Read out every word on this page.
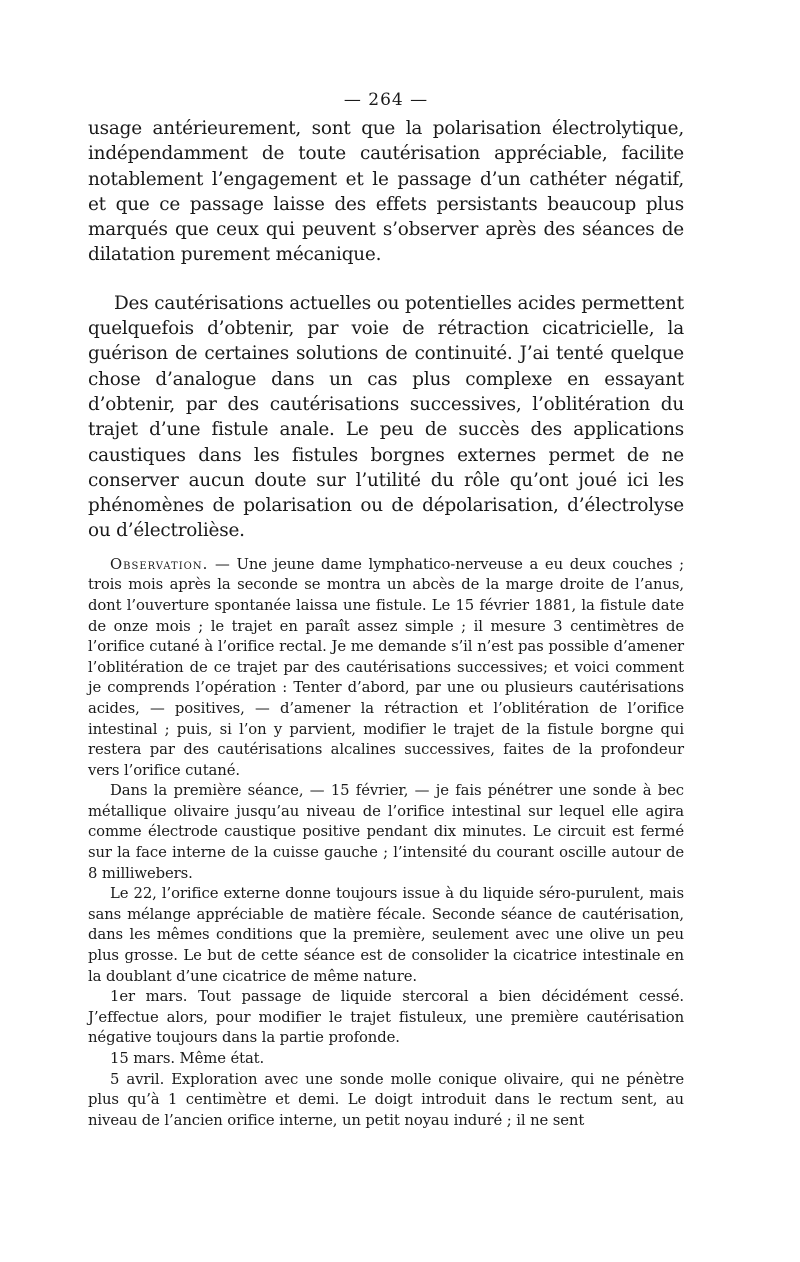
— 264 —

usage antérieurement, sont que la polarisation électrolytique, indépendamment de toute cautérisation appréciable, facilite notablement l’engagement et le passage d’un cathéter négatif, et que ce passage laisse des effets persistants beaucoup plus marqués que ceux qui peuvent s’observer après des séances de dilatation purement mécanique.

Des cautérisations actuelles ou potentielles acides permettent quelquefois d’obtenir, par voie de rétraction cicatricielle, la guérison de certaines solutions de continuité. J’ai tenté quelque chose d’analogue dans un cas plus complexe en essayant d’obtenir, par des cautérisations successives, l’oblitération du trajet d’une fistule anale. Le peu de succès des applications caustiques dans les fistules borgnes externes permet de ne conserver aucun doute sur l’utilité du rôle qu’ont joué ici les phénomènes de polarisation ou de dépolarisation, d’électrolyse ou d’électrolièse.

Observation. — Une jeune dame lymphatico-nerveuse a eu deux couches ; trois mois après la seconde se montra un abcès de la marge droite de l’anus, dont l’ouverture spontanée laissa une fistule. Le 15 février 1881, la fistule date de onze mois ; le trajet en paraît assez simple ; il mesure 3 centimètres de l’orifice cutané à l’orifice rectal. Je me demande s’il n’est pas possible d’amener l’oblitération de ce trajet par des cautérisations successives; et voici comment je comprends l’opération : Tenter d’abord, par une ou plusieurs cautérisations acides, — positives, — d’amener la rétraction et l’oblitération de l’orifice intestinal ; puis, si l’on y parvient, modifier le trajet de la fistule borgne qui restera par des cautérisations alcalines successives, faites de la profondeur vers l’orifice cutané.

Dans la première séance, — 15 février, — je fais pénétrer une sonde à bec métallique olivaire jusqu’au niveau de l’orifice intestinal sur lequel elle agira comme électrode caustique positive pendant dix minutes. Le circuit est fermé sur la face interne de la cuisse gauche ; l’intensité du courant oscille autour de 8 milliwebers.

Le 22, l’orifice externe donne toujours issue à du liquide séro-purulent, mais sans mélange appréciable de matière fécale. Seconde séance de cautérisation, dans les mêmes conditions que la première, seulement avec une olive un peu plus grosse. Le but de cette séance est de consolider la cicatrice intestinale en la doublant d’une cicatrice de même nature.

1er mars. Tout passage de liquide stercoral a bien décidément cessé. J’effectue alors, pour modifier le trajet fistuleux, une première cautérisation négative toujours dans la partie profonde.

15 mars. Même état.

5 avril. Exploration avec une sonde molle conique olivaire, qui ne pénètre plus qu’à 1 centimètre et demi. Le doigt introduit dans le rectum sent, au niveau de l’ancien orifice interne, un petit noyau induré ; il ne sent
